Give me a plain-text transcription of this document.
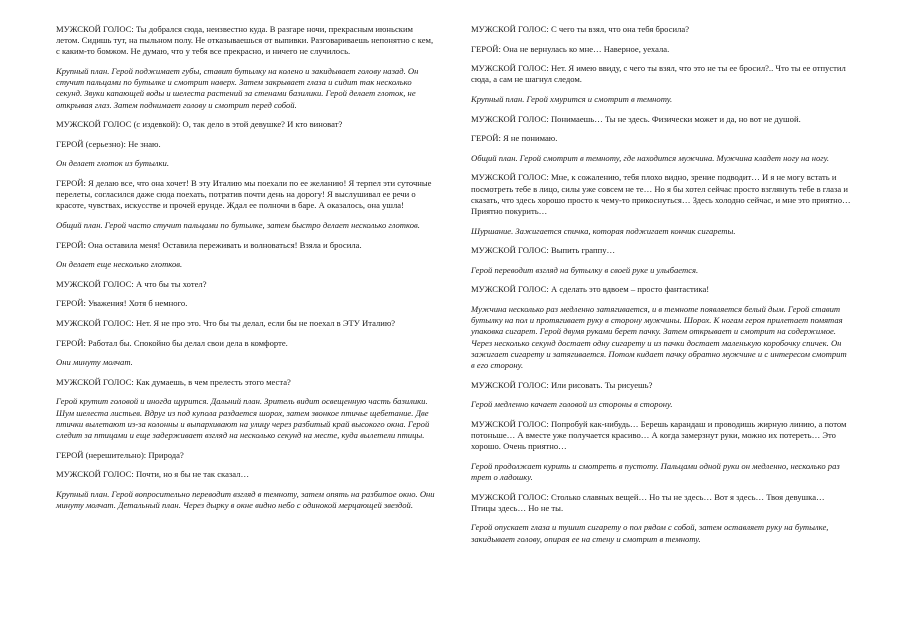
МУЖСКОЙ ГОЛОС: Ты добрался сюда, неизвестно куда. В разгаре ночи, прекрасным июньским летом. Сидишь тут, на пыльном полу. Не отказываешься от выпивки. Разговариваешь непонятно с кем, с каким-то бомжом. Не думаю, что у тебя все прекрасно, и ничего не случилось.

Крупный план. Герой поджимает губы, ставит бутылку на колено и закидывает голову назад. Он стучит пальцами по бутылке и смотрит наверх. Затем закрывает глаза и сидит так несколько секунд. Звуки капающей воды и шелеста растений за стенами базилики. Герой делает глоток, не открывая глаз. Затем поднимает голову и смотрит перед собой.

МУЖСКОЙ ГОЛОС (с издевкой): О, так дело в этой девушке? И кто виноват?

ГЕРОЙ (серьезно): Не знаю.

Он делает глоток из бутылки.

ГЕРОЙ: Я делаю все, что она хочет! В эту Италию мы поехали по ее желанию! Я терпел эти суточные перелеты, согласился даже сюда поехать, потратив почти день на дорогу! Я выслушивал ее речи о красоте, чувствах, искусстве и прочей ерунде. Ждал ее полночи в баре. А оказалось, она ушла!

Общий план. Герой часто стучит пальцами по бутылке, затем быстро делает несколько глотков.

ГЕРОЙ: Она оставила меня! Оставила переживать и волноваться! Взяла и бросила.

Он делает еще несколько глотков.

МУЖСКОЙ ГОЛОС: А что бы ты хотел?

ГЕРОЙ: Уважения! Хотя б немного.

МУЖСКОЙ ГОЛОС: Нет. Я не про это. Что бы ты делал, если бы не поехал в ЭТУ Италию?

ГЕРОЙ: Работал бы. Спокойно бы делал свои дела в комфорте.

Они минуту молчат.

МУЖСКОЙ ГОЛОС: Как думаешь, в чем прелесть этого места?

Герой крутит головой и иногда щурится. Дальний план. Зритель видит освещенную часть базилики. Шум шелеста листьев. Вдруг из под купола раздается шорох, затем звонкое птичье щебетание. Две птички вылетают из-за колонны и выпархивают на улицу через разбитый край высокого окна. Герой следит за птицами и еще задерживает взгляд на несколько секунд на месте, куда вылетели птицы.

ГЕРОЙ (нерешительно): Природа?

МУЖСКОЙ ГОЛОС: Почти, но я бы не так сказал…

Крупный план. Герой вопросительно переводит взгляд в темноту, затем опять на разбитое окно. Они минуту молчат. Детальный план. Через дырку в окне видно небо с одинокой мерцающей звездой.

МУЖСКОЙ ГОЛОС: С чего ты взял, что она тебя бросила?

ГЕРОЙ: Она не вернулась ко мне… Наверное, уехала.

МУЖСКОЙ ГОЛОС: Нет. Я имею ввиду, с чего ты взял, что это не ты ее бросил?.. Что ты ее отпустил сюда, а сам не шагнул следом.

Крупный план. Герой хмурится и смотрит в темноту.

МУЖСКОЙ ГОЛОС: Понимаешь… Ты не здесь. Физически может и да, но вот не душой.

ГЕРОЙ: Я не понимаю.

Общий план. Герой смотрит в темноту, где находится мужчина. Мужчина кладет ногу на ногу.

МУЖСКОЙ ГОЛОС: Мне, к сожалению, тебя плохо видно, зрение подводит… И я не могу встать и посмотреть тебе в лицо, силы уже совсем не те… Но я бы хотел сейчас просто взглянуть тебе в глаза и сказать, что здесь хорошо просто к чему-то прикоснуться… Здесь холодно сейчас, и мне это приятно… Приятно покурить…

Шуршание. Зажигается спичка, которая поджигает кончик сигареты.

МУЖСКОЙ ГОЛОС: Выпить граппу…

Герой переводит взгляд на бутылку в своей руке и улыбается.

МУЖСКОЙ ГОЛОС: А сделать это вдвоем – просто фантастика!

Мужчина несколько раз медленно затягивается, и в темноте появляется белый дым. Герой ставит бутылку на пол и протягивает руку в сторону мужчины. Шорох. К ногам героя прилетает помятая упаковка сигарет. Герой двумя руками берет пачку. Затем открывает и смотрит на содержимое. Через несколько секунд достает одну сигарету и из пачки достает маленькую коробочку спичек. Он зажигает сигарету и затягивается. Потом кидает пачку обратно мужчине и с интересом смотрит в его сторону.

МУЖСКОЙ ГОЛОС: Или рисовать. Ты рисуешь?

Герой медленно качает головой из стороны в сторону.

МУЖСКОЙ ГОЛОС: Попробуй как-нибудь… Берешь карандаш и проводишь жирную линию, а потом потоньше… А вместе уже получается красиво… А когда замерзнут руки, можно их потереть… Это хорошо. Очень приятно…

Герой продолжает курить и смотреть в пустоту. Пальцами одной руки он медленно, несколько раз трет о ладошку.

МУЖСКОЙ ГОЛОС: Столько славных вещей… Но ты не здесь… Вот я здесь… Твоя девушка… Птицы здесь… Но не ты.

Герой опускает глаза и тушит сигарету о пол рядом с собой, затем оставляет руку на бутылке, закидывает голову, опирая ее на стену и смотрит в темноту.
